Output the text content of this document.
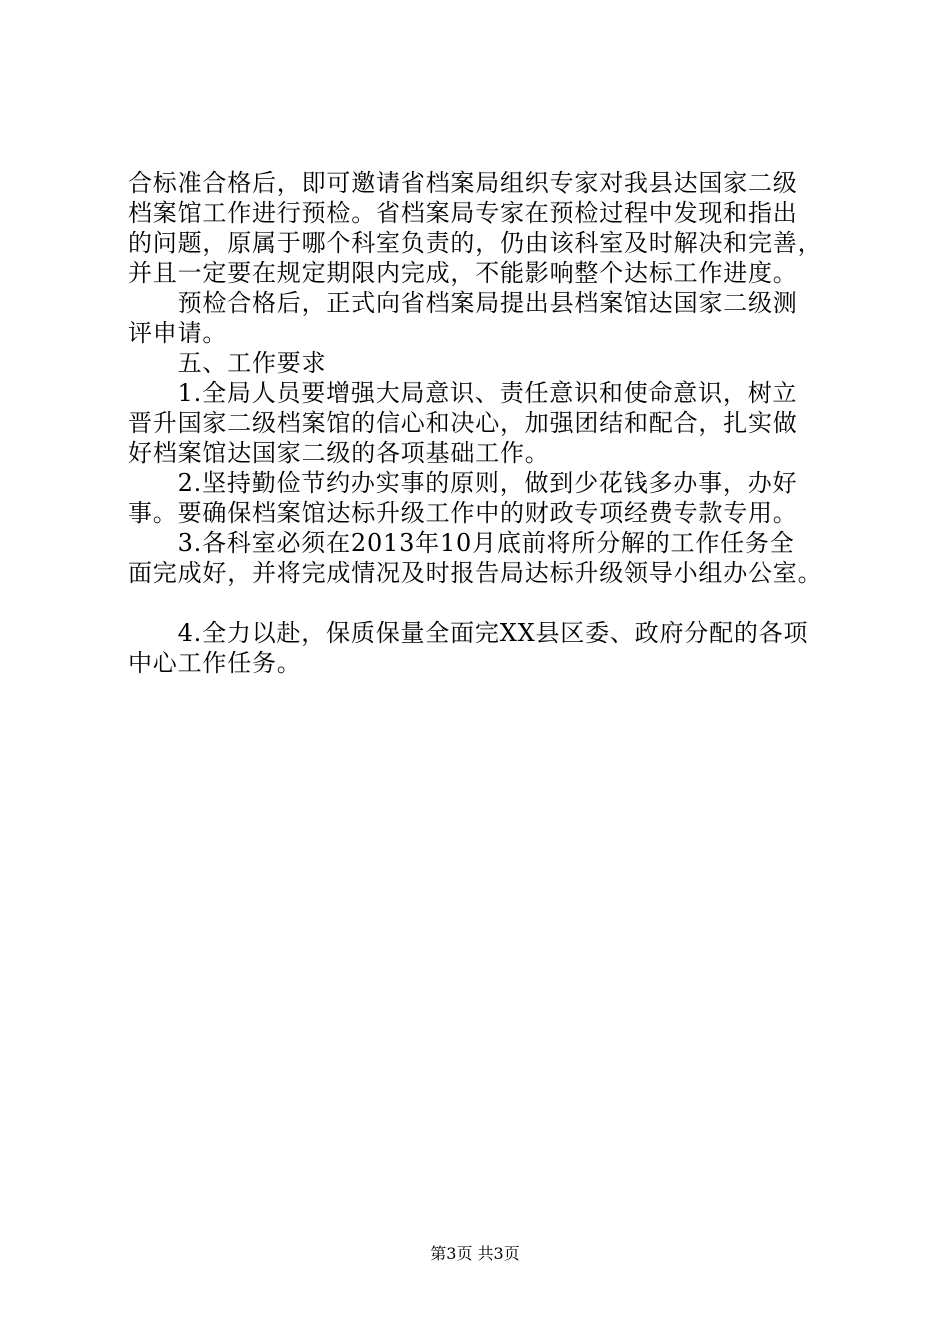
合标准合格后，即可邀请省档案局组织专家对我县达国家二级
档案馆工作进行预检。省档案局专家在预检过程中发现和指出
的问题，原属于哪个科室负责的，仍由该科室及时解决和完善，
并且一定要在规定期限内完成，不能影响整个达标工作进度。
　　预检合格后，正式向省档案局提出县档案馆达国家二级测
评申请。
　　五、工作要求
　　1.全局人员要增强大局意识、责任意识和使命意识，树立
晋升国家二级档案馆的信心和决心，加强团结和配合，扎实做
好档案馆达国家二级的各项基础工作。
　　2.坚持勤俭节约办实事的原则，做到少花钱多办事，办好
事。要确保档案馆达标升级工作中的财政专项经费专款专用。
　　3.各科室必须在2013年10月底前将所分解的工作任务全
面完成好，并将完成情况及时报告局达标升级领导小组办公室。
　　4.全力以赴，保质保量全面完XX县区委、政府分配的各项
中心工作任务。
第3页 共3页
